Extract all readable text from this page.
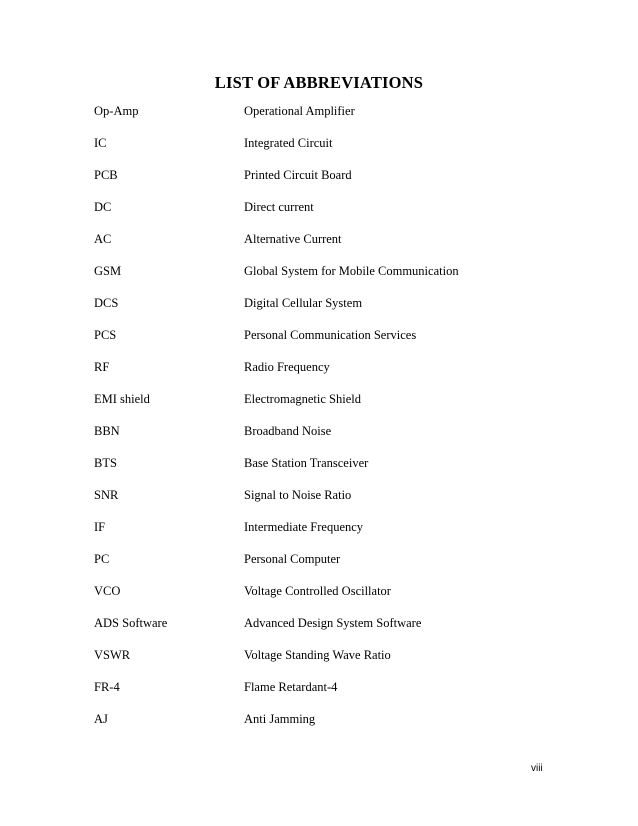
LIST OF ABBREVIATIONS
Op-Amp	Operational Amplifier
IC	Integrated Circuit
PCB	Printed Circuit Board
DC	Direct current
AC	Alternative Current
GSM	Global System for Mobile Communication
DCS	Digital Cellular System
PCS	Personal Communication Services
RF	Radio Frequency
EMI shield	Electromagnetic Shield
BBN	Broadband Noise
BTS	Base Station Transceiver
SNR	Signal to Noise Ratio
IF	Intermediate Frequency
PC	Personal Computer
VCO	Voltage Controlled Oscillator
ADS Software	Advanced Design System Software
VSWR	Voltage Standing Wave Ratio
FR-4	Flame Retardant-4
AJ	Anti Jamming
viii
